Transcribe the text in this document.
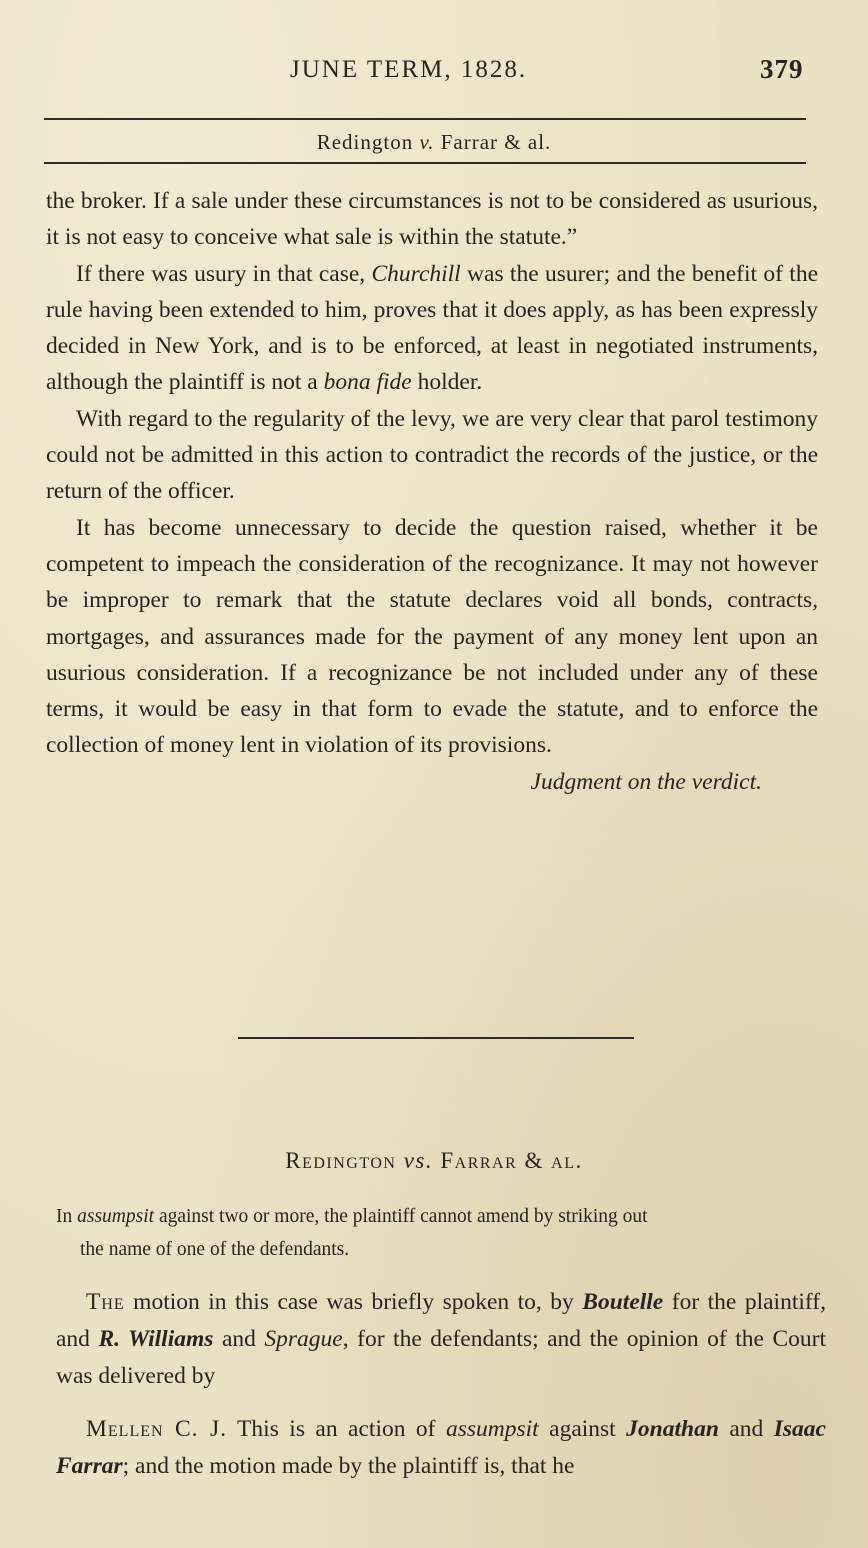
JUNE TERM, 1828.	379
Redington v. Farrar & al.

the broker. If a sale under these circumstances is not to be considered as usurious, it is not easy to conceive what sale is within the statute.”

If there was usury in that case, Churchill was the usurer; and the benefit of the rule having been extended to him, proves that it does apply, as has been expressly decided in New York, and is to be enforced, at least in negotiated instruments, although the plaintiff is not a bona fide holder.

With regard to the regularity of the levy, we are very clear that parol testimony could not be admitted in this action to contradict the records of the justice, or the return of the officer.

It has become unnecessary to decide the question raised, whether it be competent to impeach the consideration of the recognizance. It may not however be improper to remark that the statute declares void all bonds, contracts, mortgages, and assurances made for the payment of any money lent upon an usurious consideration. If a recognizance be not included under any of these terms, it would be easy in that form to evade the statute, and to enforce the collection of money lent in violation of its provisions.

Judgment on the verdict.

Redington vs. Farrar & al.
In assumpsit against two or more, the plaintiff cannot amend by striking out
the name of one of the defendants.

The motion in this case was briefly spoken to, by Boutelle for the plaintiff, and R. Williams and Sprague, for the defendants; and the opinion of the Court was delivered by

Mellen C. J. This is an action of assumpsit against Jonathan and Isaac Farrar; and the motion made by the plaintiff is, that he
